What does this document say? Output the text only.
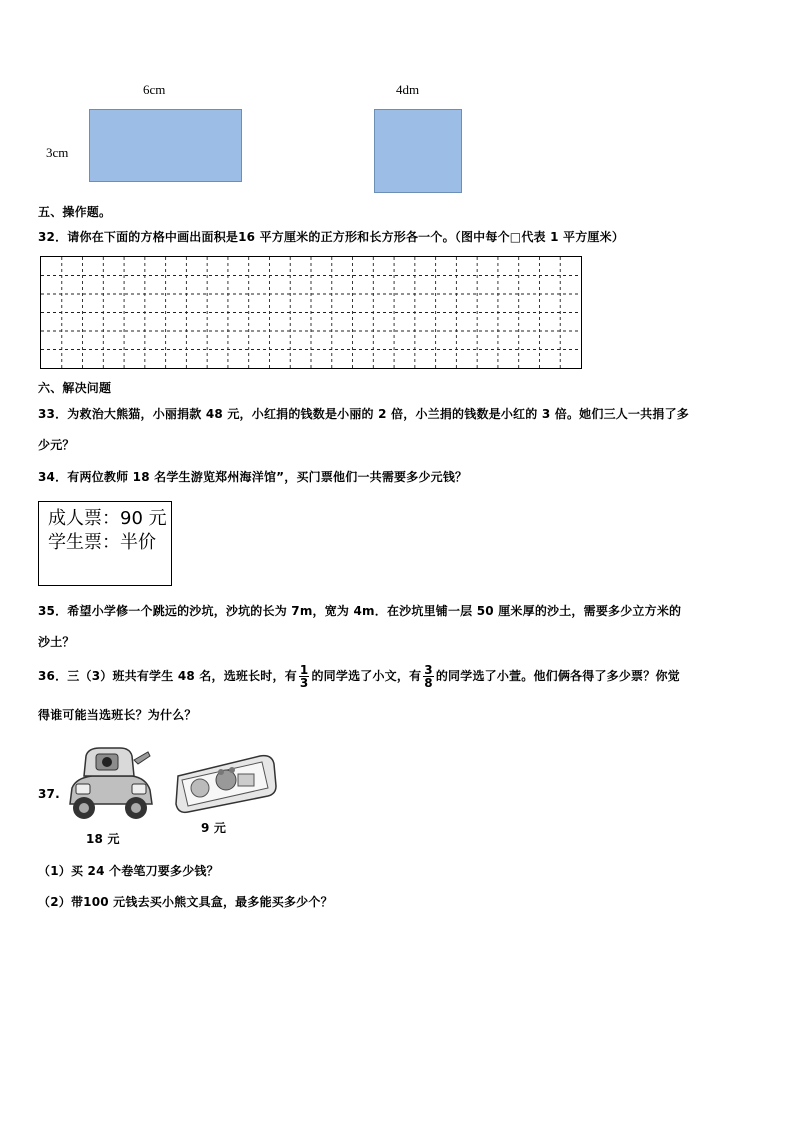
6cm
3cm
4dm
五、操作题。
32．请你在下面的方格中画出面积是16 平方厘米的正方形和长方形各一个。（图中每个□代表 1 平方厘米）
六、解决问题
33．为救治大熊猫，小丽捐款 48 元，小红捐的钱数是小丽的 2 倍，小兰捐的钱数是小红的 3 倍。她们三人一共捐了多
少元？
34．有两位教师 18 名学生游览郑州海洋馆”，买门票他们一共需要多少元钱？
成人票：90 元
学生票：半价
35．希望小学修一个跳远的沙坑，沙坑的长为 7m，宽为 4m．在沙坑里铺一层 50 厘米厚的沙土，需要多少立方米的
沙土？
36．三（3）班共有学生 48 名，选班长时，有 $\frac{1}{3}$ 的同学选了小文，有 $\frac{3}{8}$ 的同学选了小萱。他们俩各得了多少票？你觉
得谁可能当选班长？为什么？
37.
18 元
9 元
（1）买 24 个卷笔刀要多少钱？
（2）带100 元钱去买小熊文具盒，最多能买多少个？
